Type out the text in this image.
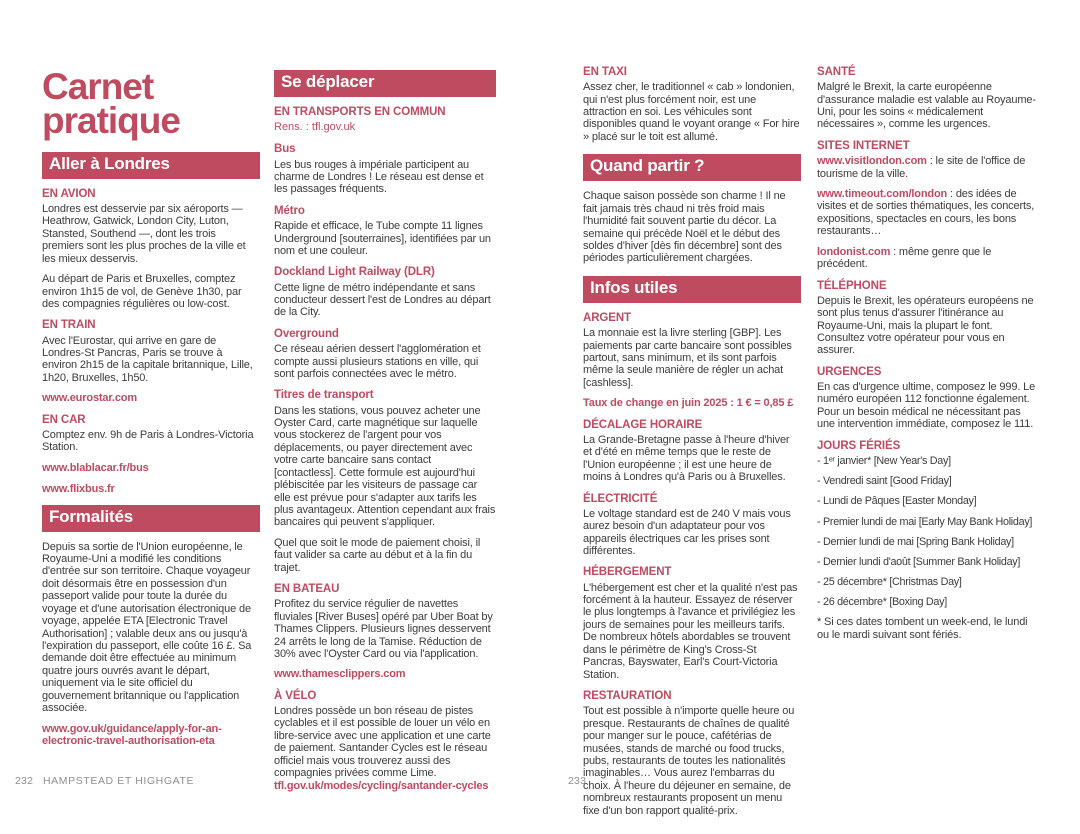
Carnet
pratique
Aller à Londres
EN AVION

Londres est desservie par six aéroports — Heathrow, Gatwick, London City, Luton, Stansted, Southend —, dont les trois premiers sont les plus proches de la ville et les mieux desservis.

Au départ de Paris et Bruxelles, comptez environ 1h15 de vol, de Genève 1h30, par des compagnies régulières ou low-cost.

EN TRAIN

Avec l'Eurostar, qui arrive en gare de Londres-St Pancras, Paris se trouve à environ 2h15 de la capitale britannique, Lille, 1h20, Bruxelles, 1h50.

www.eurostar.com

EN CAR

Comptez env. 9h de Paris à Londres-Victoria Station.

www.blablacar.fr/bus

www.flixbus.fr

Formalités

Depuis sa sortie de l'Union européenne, le Royaume-Uni a modifié les conditions d'entrée sur son territoire. Chaque voyageur doit désormais être en possession d'un passeport valide pour toute la durée du voyage et d'une autorisation électronique de voyage, appelée ETA [Electronic Travel Authorisation] ; valable deux ans ou jusqu'à l'expiration du passeport, elle coûte 16 £. Sa demande doit être effectuée au minimum quatre jours ouvrés avant le départ, uniquement via le site officiel du gouvernement britannique ou l'application associée.

www.gov.uk/guidance/apply-for-an-electronic-travel-authorisation-eta

Se déplacer
EN TRANSPORTS EN COMMUN

Rens. : tfl.gov.uk

Bus

Les bus rouges à impériale participent au charme de Londres ! Le réseau est dense et les passages fréquents.

Métro

Rapide et efficace, le Tube compte 11 lignes Underground [souterraines], identifiées par un nom et une couleur.

Dockland Light Railway (DLR)

Cette ligne de métro indépendante et sans conducteur dessert l'est de Londres au départ de la City.

Overground

Ce réseau aérien dessert l'agglomération et compte aussi plusieurs stations en ville, qui sont parfois connectées avec le métro.

Titres de transport

Dans les stations, vous pouvez acheter une Oyster Card, carte magnétique sur laquelle vous stockerez de l'argent pour vos déplacements, ou payer directement avec votre carte bancaire sans contact [contactless]. Cette formule est aujourd'hui plébiscitée par les visiteurs de passage car elle est prévue pour s'adapter aux tarifs les plus avantageux. Attention cependant aux frais bancaires qui peuvent s'appliquer.

Quel que soit le mode de paiement choisi, il faut valider sa carte au début et à la fin du trajet.

EN BATEAU

Profitez du service régulier de navettes fluviales [River Buses] opéré par Uber Boat by Thames Clippers. Plusieurs lignes desservent 24 arrêts le long de la Tamise. Réduction de 30% avec l'Oyster Card ou via l'application.

www.thamesclippers.com

À VÉLO

Londres possède un bon réseau de pistes cyclables et il est possible de louer un vélo en libre-service avec une application et une carte de paiement. Santander Cycles est le réseau officiel mais vous trouverez aussi des compagnies privées comme Lime.

tfl.gov.uk/modes/cycling/santander-cycles

EN TAXI

Assez cher, le traditionnel « cab » londonien, qui n'est plus forcément noir, est une attraction en soi. Les véhicules sont disponibles quand le voyant orange « For hire » placé sur le toit est allumé.

Quand partir ?

Chaque saison possède son charme ! Il ne fait jamais très chaud ni très froid mais l'humidité fait souvent partie du décor. La semaine qui précède Noël et le début des soldes d'hiver [dès fin décembre] sont des périodes particulièrement chargées.

Infos utiles
ARGENT

La monnaie est la livre sterling [GBP]. Les paiements par carte bancaire sont possibles partout, sans minimum, et ils sont parfois même la seule manière de régler un achat [cashless].

Taux de change en juin 2025 : 1 € = 0,85 £

DÉCALAGE HORAIRE

La Grande-Bretagne passe à l'heure d'hiver et d'été en même temps que le reste de l'Union européenne ; il est une heure de moins à Londres qu'à Paris ou à Bruxelles.

ÉLECTRICITÉ

Le voltage standard est de 240 V mais vous aurez besoin d'un adaptateur pour vos appareils électriques car les prises sont différentes.

HÉBERGEMENT

L'hébergement est cher et la qualité n'est pas forcément à la hauteur. Essayez de réserver le plus longtemps à l'avance et privilégiez les jours de semaines pour les meilleurs tarifs. De nombreux hôtels abordables se trouvent dans le périmètre de King's Cross-St Pancras, Bayswater, Earl's Court-Victoria Station.

RESTAURATION

Tout est possible à n'importe quelle heure ou presque. Restaurants de chaînes de qualité pour manger sur le pouce, cafétérias de musées, stands de marché ou food trucks, pubs, restaurants de toutes les nationalités imaginables… Vous aurez l'embarras du choix. À l'heure du déjeuner en semaine, de nombreux restaurants proposent un menu fixe d'un bon rapport qualité-prix.

SANTÉ

Malgré le Brexit, la carte européenne d'assurance maladie est valable au Royaume-Uni, pour les soins « médicalement nécessaires », comme les urgences.

SITES INTERNET

www.visitlondon.com : le site de l'office de tourisme de la ville.

www.timeout.com/london : des idées de visites et de sorties thématiques, les concerts, expositions, spectacles en cours, les bons restaurants…

londonist.com : même genre que le précédent.

TÉLÉPHONE

Depuis le Brexit, les opérateurs européens ne sont plus tenus d'assurer l'itinérance au Royaume-Uni, mais la plupart le font. Consultez votre opérateur pour vous en assurer.

URGENCES

En cas d'urgence ultime, composez le 999. Le numéro européen 112 fonctionne également. Pour un besoin médical ne nécessitant pas une intervention immédiate, composez le 111.

JOURS FÉRIÉS

- 1ᵉʳ janvier* [New Year's Day]

- Vendredi saint [Good Friday]

- Lundi de Pâques [Easter Monday]

- Premier lundi de mai [Early May Bank Holiday]

- Dernier lundi de mai [Spring Bank Holiday]

- Dernier lundi d'août [Summer Bank Holiday]

- 25 décembre* [Christmas Day]

- 26 décembre* [Boxing Day]

* Si ces dates tombent un week-end, le lundi ou le mardi suivant sont fériés.

232 HAMPSTEAD ET HIGHGATE	233
